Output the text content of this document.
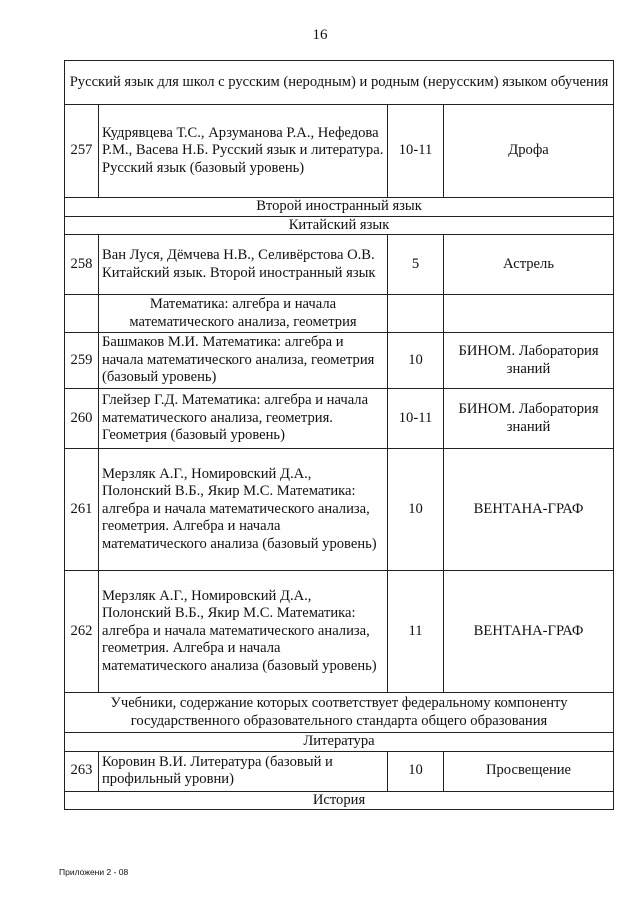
16
Русский язык для школ с русским (неродным) и родным (нерусским) языком обучения			
257	Кудрявцева Т.С., Арзуманова Р.А., Нефедова Р.М., Васева Н.Б. Русский язык и литература. Русский язык (базовый уровень)	10-11	Дрофа
Второй иностранный язык			
Китайский язык			
258	Ван Луся, Дёмчева Н.В., Селивёрстова О.В. Китайский язык. Второй иностранный язык	5	Астрель
	Математика: алгебра и начала математического анализа, геометрия		
259	Башмаков М.И. Математика: алгебра и начала математического анализа, геометрия (базовый уровень)	10	БИНОМ. Лаборатория знаний
260	Глейзер Г.Д. Математика: алгебра и начала математического анализа, геометрия. Геометрия (базовый уровень)	10-11	БИНОМ. Лаборатория знаний
261	Мерзляк А.Г., Номировский Д.А., Полонский В.Б., Якир М.С. Математика: алгебра и начала математического анализа, геометрия. Алгебра и начала математического анализа (базовый уровень)	10	ВЕНТАНА-ГРАФ
262	Мерзляк А.Г., Номировский Д.А., Полонский В.Б., Якир М.С. Математика: алгебра и начала математического анализа, геометрия. Алгебра и начала математического анализа (базовый уровень)	11	ВЕНТАНА-ГРАФ
Учебники, содержание которых соответствует федеральному компоненту государственного образовательного стандарта общего образования			
Литература			
263	Коровин В.И. Литература (базовый и профильный уровни)	10	Просвещение
История			
Приложени 2 - 08
